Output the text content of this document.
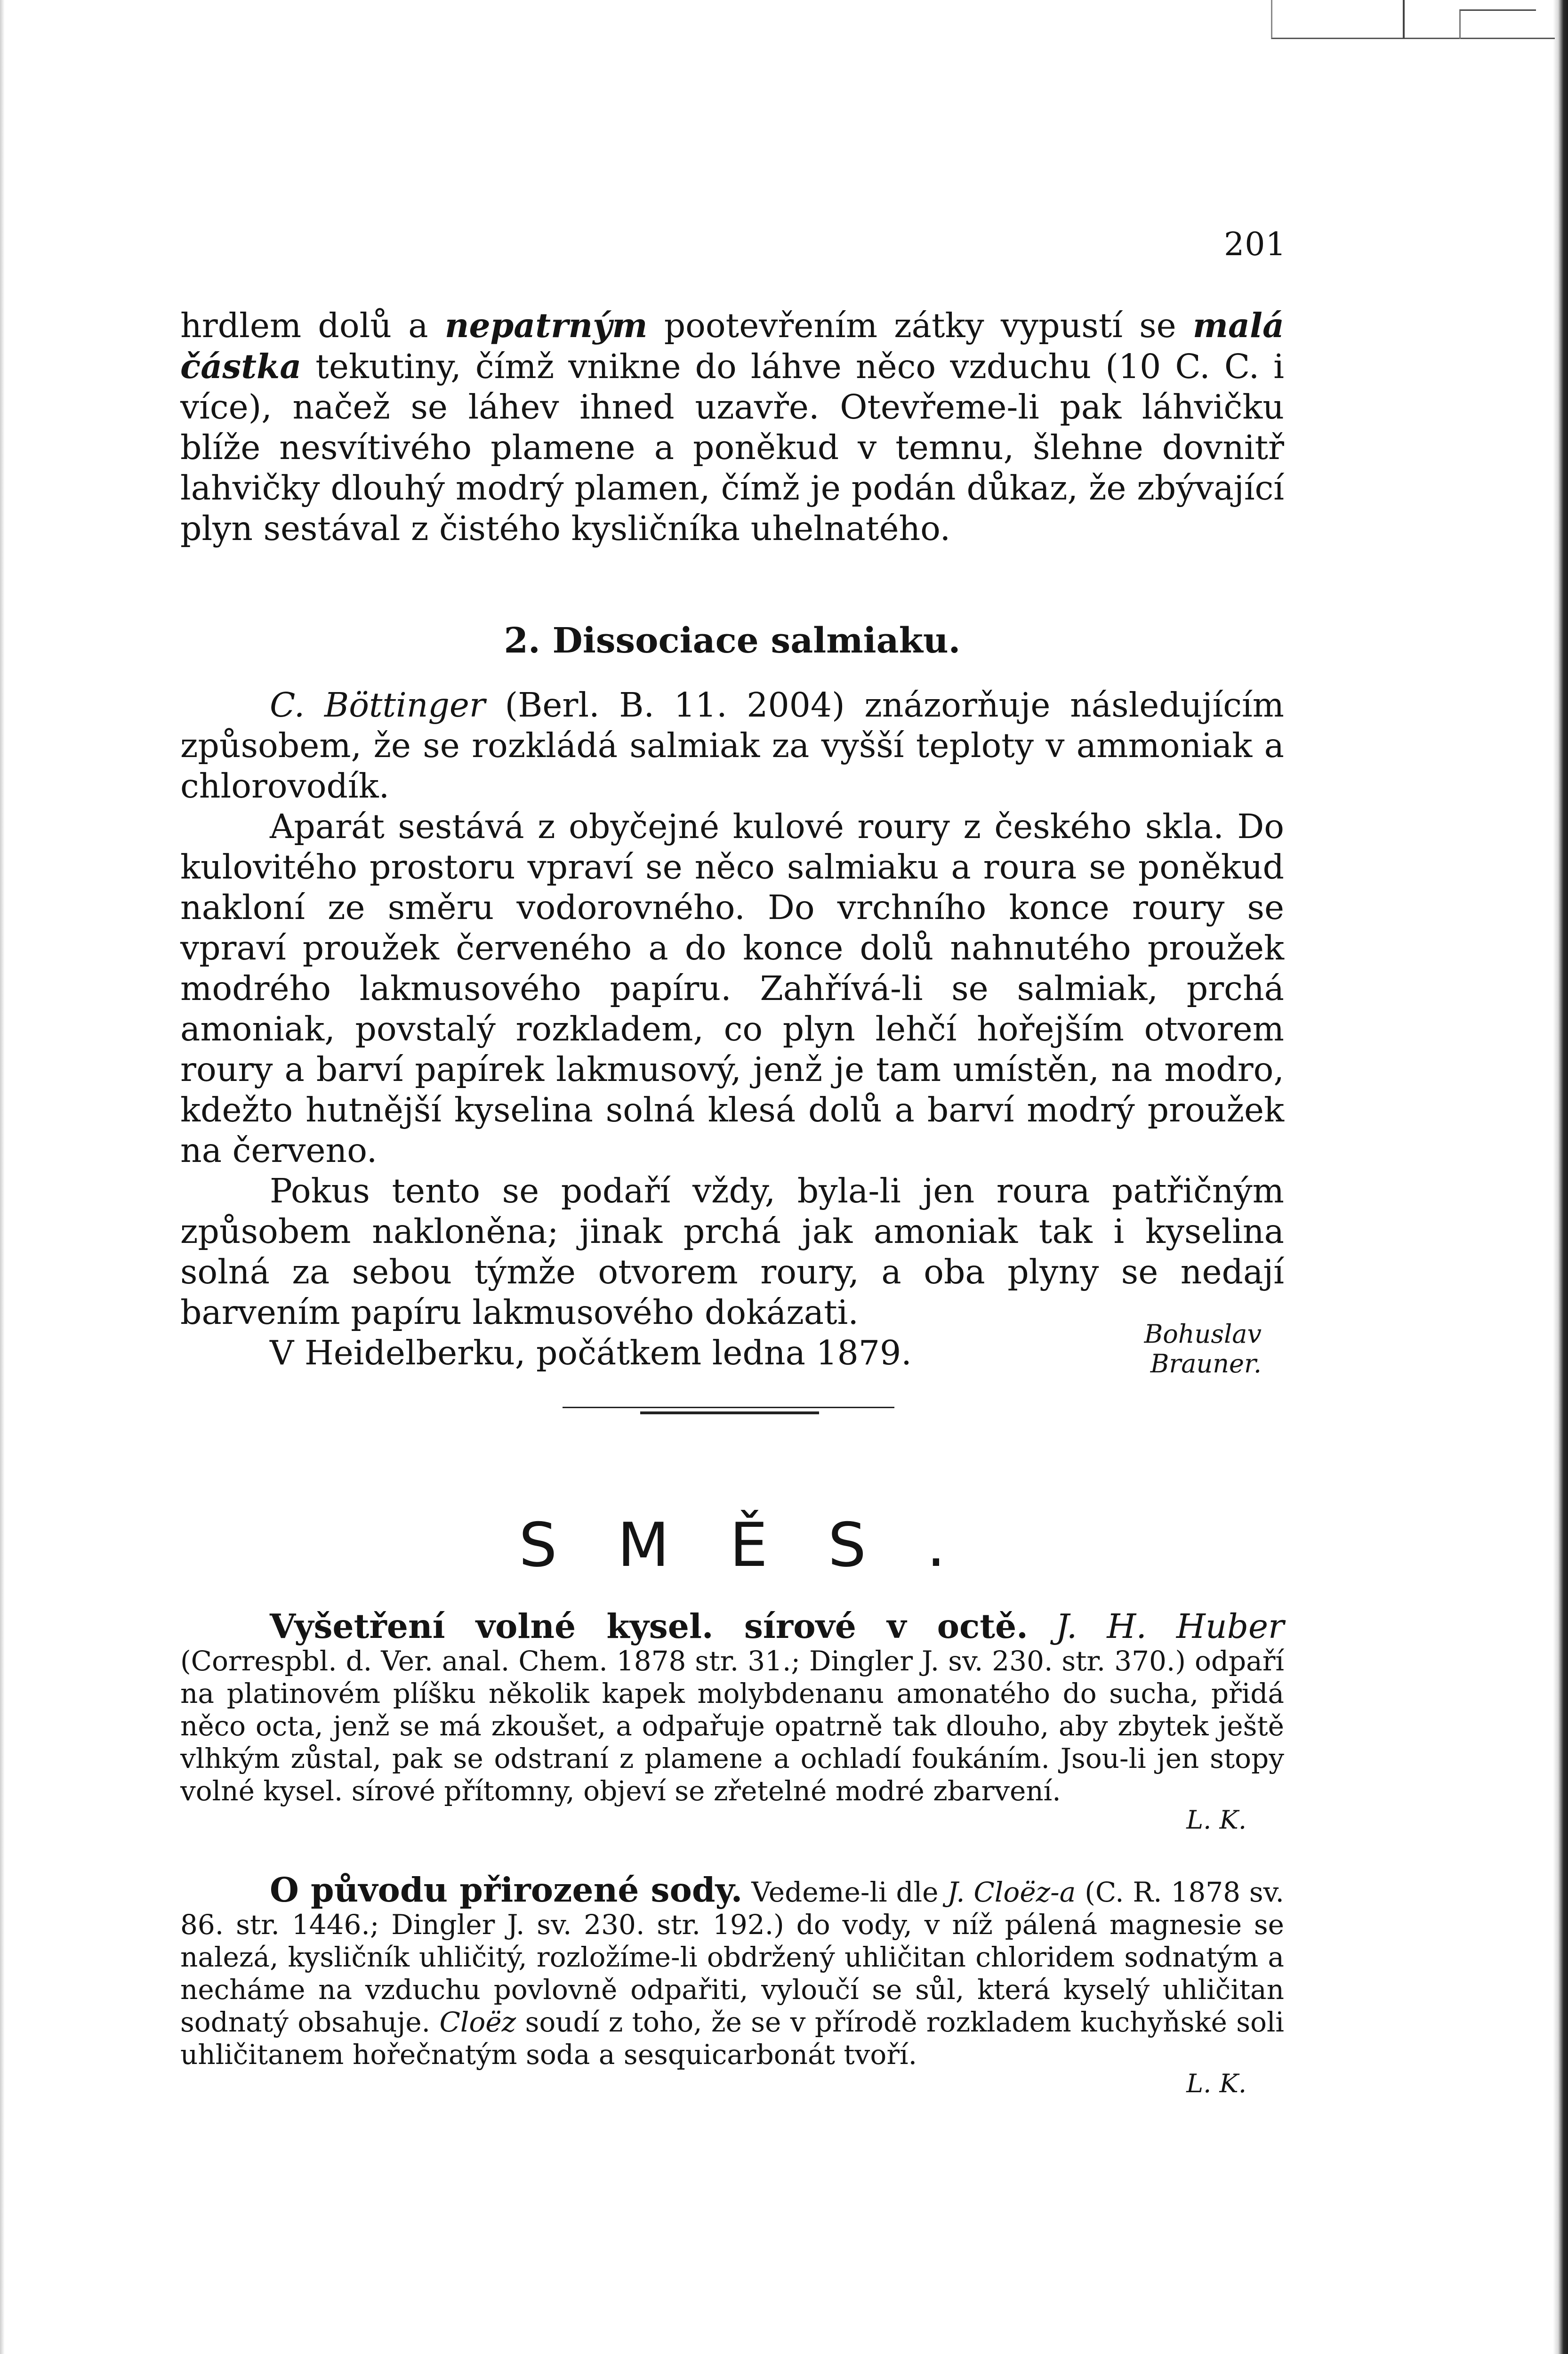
201

hrdlem dolů a nepatrným pootevřením zátky vypustí se malá částka tekutiny, čímž vnikne do láhve něco vzduchu (10 C. C. i více), načež se láhev ihned uzavře. Otevřeme-li pak láhvičku blíže nesvítivého plamene a poněkud v temnu, šlehne dovnitř lahvičky dlouhý modrý plamen, čímž je podán důkaz, že zbývající plyn sestával z čistého kysličníka uhelnatého.

2. Dissociace salmiaku.

C. Böttinger (Berl. B. 11. 2004) znázorňuje následujícím způsobem, že se rozkládá salmiak za vyšší teploty v ammoniak a chlorovodík.

Aparát sestává z obyčejné kulové roury z českého skla. Do kulovitého prostoru vpraví se něco salmiaku a roura se poněkud nakloní ze směru vodorovného. Do vrchního konce roury se vpraví proužek červeného a do konce dolů nahnutého proužek modrého lakmusového papíru. Zahřívá-li se salmiak, prchá amoniak, povstalý rozkladem, co plyn lehčí hořejším otvorem roury a barví papírek lakmusový, jenž je tam umístěn, na modro, kdežto hutnější kyselina solná klesá dolů a barví modrý proužek na červeno.

Pokus tento se podaří vždy, byla-li jen roura patřičným způsobem nakloněna; jinak prchá jak amoniak tak i kyselina solná za sebou týmže otvorem roury, a oba plyny se nedají barvením papíru lakmusového dokázati.

V Heidelberku, počátkem ledna 1879.	Bohuslav Brauner.
SMĚS.

Vyšetření volné kysel. sírové v octě. J. H. Huber (Correspbl. d. Ver. anal. Chem. 1878 str. 31.; Dingler J. sv. 230. str. 370.) odpaří na platinovém plíšku několik kapek molybdenanu amonatého do sucha, přidá něco octa, jenž se má zkoušet, a odpařuje opatrně tak dlouho, aby zbytek ještě vlhkým zůstal, pak se odstraní z plamene a ochladí foukáním. Jsou-li jen stopy volné kysel. sírové přítomny, objeví se zřetelné modré zbarvení.

L. K.

O původu přirozené sody. Vedeme-li dle J. Cloëz-a (C. R. 1878 sv. 86. str. 1446.; Dingler J. sv. 230. str. 192.) do vody, v níž pálená magnesie se nalezá, kysličník uhličitý, rozložíme-li obdržený uhličitan chloridem sodnatým a necháme na vzduchu povlovně odpařiti, vyloučí se sůl, která kyselý uhličitan sodnatý obsahuje. Cloëz soudí z toho, že se v přírodě rozkladem kuchyňské soli uhličitanem hořečnatým soda a sesquicarbonát tvoří.

L. K.
